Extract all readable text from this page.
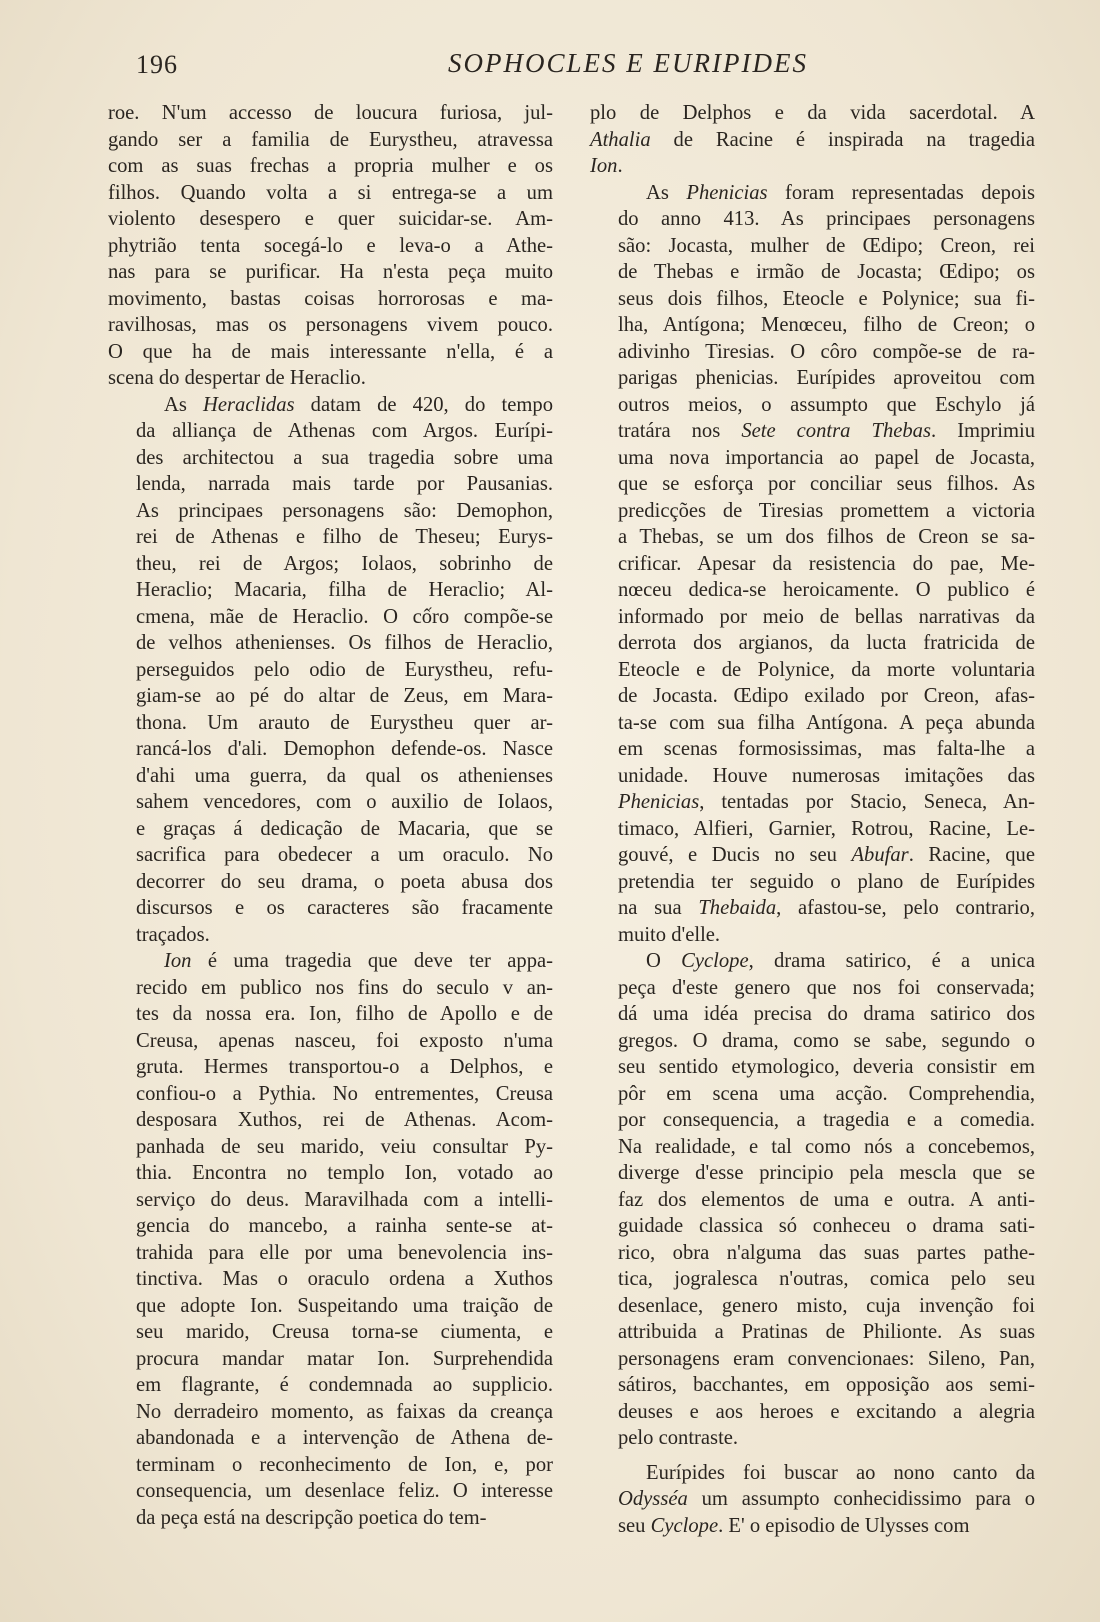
196	SOPHOCLES E EURIPIDES

roe. N'um accesso de loucura furiosa, jul-
gando ser a familia de Eurystheu, atravessa
com as suas frechas a propria mulher e os
filhos. Quando volta a si entrega-se a um
violento desespero e quer suicidar-se. Am-
phytrião tenta socegá-lo e leva-o a Athe-
nas para se purificar. Ha n'esta peça muito
movimento, bastas coisas horrorosas e ma-
ravilhosas, mas os personagens vivem pouco.
O que ha de mais interessante n'ella, é a
scena do despertar de Heraclio.

As Heraclidas datam de 420, do tempo
da alliança de Athenas com Argos. Eurípi-
des architectou a sua tragedia sobre uma
lenda, narrada mais tarde por Pausanias.
As principaes personagens são: Demophon,
rei de Athenas e filho de Theseu; Eurys-
theu, rei de Argos; Iolaos, sobrinho de
Heraclio; Macaria, filha de Heraclio; Al-
cmena, mãe de Heraclio. O cốro compõe-se
de velhos athenienses. Os filhos de Heraclio,
perseguidos pelo odio de Eurystheu, refu-
giam-se ao pé do altar de Zeus, em Mara-
thona. Um arauto de Eurystheu quer ar-
rancá-los d'ali. Demophon defende-os. Nasce
d'ahi uma guerra, da qual os athenienses
sahem vencedores, com o auxilio de Iolaos,
e graças á dedicação de Macaria, que se
sacrifica para obedecer a um oraculo. No
decorrer do seu drama, o poeta abusa dos
discursos e os caracteres são fracamente
traçados.

Ion é uma tragedia que deve ter appa-
recido em publico nos fins do seculo v an-
tes da nossa era. Ion, filho de Apollo e de
Creusa, apenas nasceu, foi exposto n'uma
gruta. Hermes transportou-o a Delphos, e
confiou-o a Pythia. No entrementes, Creusa
desposara Xuthos, rei de Athenas. Acom-
panhada de seu marido, veiu consultar Py-
thia. Encontra no templo Ion, votado ao
serviço do deus. Maravilhada com a intelli-
gencia do mancebo, a rainha sente-se at-
trahida para elle por uma benevolencia ins-
tinctiva. Mas o oraculo ordena a Xuthos
que adopte Ion. Suspeitando uma traição de
seu marido, Creusa torna-se ciumenta, e
procura mandar matar Ion. Surprehendida
em flagrante, é condemnada ao supplicio.
No derradeiro momento, as faixas da creança
abandonada e a intervenção de Athena de-
terminam o reconhecimento de Ion, e, por
consequencia, um desenlace feliz. O interesse
da peça está na descripção poetica do tem-

plo de Delphos e da vida sacerdotal. A
Athalia de Racine é inspirada na tragedia
Ion.

As Phenicias foram representadas depois
do anno 413. As principaes personagens
são: Jocasta, mulher de Œdipo; Creon, rei
de Thebas e irmão de Jocasta; Œdipo; os
seus dois filhos, Eteocle e Polynice; sua fi-
lha, Antígona; Menœceu, filho de Creon; o
adivinho Tiresias. O côro compõe-se de ra-
parigas phenicias. Eurípides aproveitou com
outros meios, o assumpto que Eschylo já
tratára nos Sete contra Thebas. Imprimiu
uma nova importancia ao papel de Jocasta,
que se esforça por conciliar seus filhos. As
predicções de Tiresias promettem a victoria
a Thebas, se um dos filhos de Creon se sa-
crificar. Apesar da resistencia do pae, Me-
nœceu dedica-se heroicamente. O publico é
informado por meio de bellas narrativas da
derrota dos argianos, da lucta fratricida de
Eteocle e de Polynice, da morte voluntaria
de Jocasta. Œdipo exilado por Creon, afas-
ta-se com sua filha Antígona. A peça abunda
em scenas formosissimas, mas falta-lhe a
unidade. Houve numerosas imitações das
Phenicias, tentadas por Stacio, Seneca, An-
timaco, Alfieri, Garnier, Rotrou, Racine, Le-
gouvé, e Ducis no seu Abufar. Racine, que
pretendia ter seguido o plano de Eurípides
na sua Thebaida, afastou-se, pelo contrario,
muito d'elle.

O Cyclope, drama satirico, é a unica
peça d'este genero que nos foi conservada;
dá uma idéa precisa do drama satirico dos
gregos. O drama, como se sabe, segundo o
seu sentido etymologico, deveria consistir em
pôr em scena uma acção. Comprehendia,
por consequencia, a tragedia e a comedia.
Na realidade, e tal como nós a concebemos,
diverge d'esse principio pela mescla que se
faz dos elementos de uma e outra. A anti-
guidade classica só conheceu o drama sati-
rico, obra n'alguma das suas partes pathe-
tica, jogralesca n'outras, comica pelo seu
desenlace, genero misto, cuja invenção foi
attribuida a Pratinas de Philionte. As suas
personagens eram convencionaes: Sileno, Pan,
sátiros, bacchantes, em opposição aos semi-
deuses e aos heroes e excitando a alegria
pelo contraste.

Eurípides foi buscar ao nono canto da
Odysséa um assumpto conhecidissimo para o
seu Cyclope. E' o episodio de Ulysses com
